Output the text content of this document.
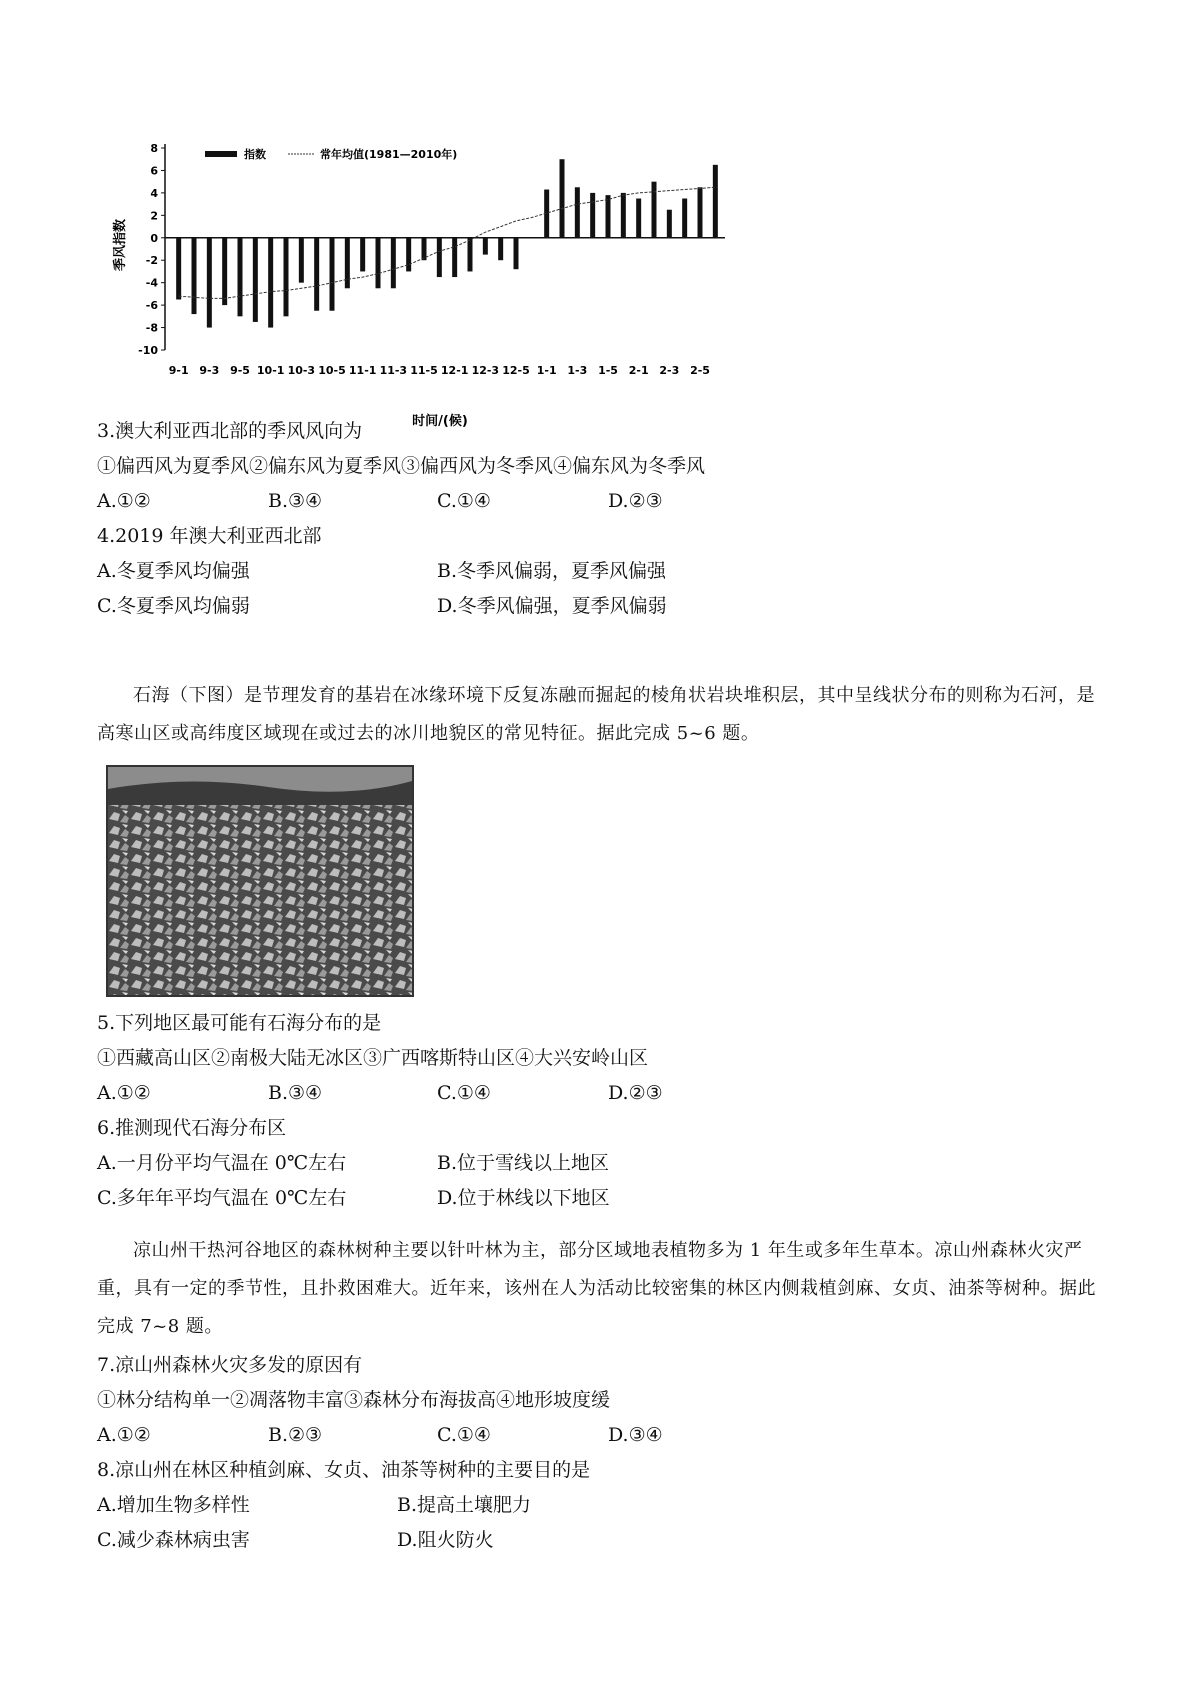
8
6
4
2
0
-2
-4
-6
-8
-10
9-1 9-3 9-5 10-1 10-3 10-5 11-1 11-3 11-5 12-1 12-3 12-5 1-1 1-3 1-5 2-1 2-3 2-5
季风指数
时间/(候)
指数	常年均值(1981—2010年)
3.澳大利亚西北部的季风风向为
①偏西风为夏季风②偏东风为夏季风③偏西风为冬季风④偏东风为冬季风
A.①②	B.③④	C.①④	D.②③
4.2019 年澳大利亚西北部
A.冬夏季风均偏强	B.冬季风偏弱，夏季风偏强
C.冬夏季风均偏弱	D.冬季风偏强，夏季风偏弱
石海（下图）是节理发育的基岩在冰缘环境下反复冻融而掘起的棱角状岩块堆积层，其中呈线状分布的则称为石河，是高寒山区或高纬度区域现在或过去的冰川地貌区的常见特征。据此完成 5~6 题。
5.下列地区最可能有石海分布的是
①西藏高山区②南极大陆无冰区③广西喀斯特山区④大兴安岭山区
A.①②	B.③④	C.①④	D.②③
6.推测现代石海分布区
A.一月份平均气温在 0℃左右	B.位于雪线以上地区
C.多年年平均气温在 0℃左右	D.位于林线以下地区
凉山州干热河谷地区的森林树种主要以针叶林为主，部分区域地表植物多为 1 年生或多年生草本。凉山州森林火灾严重，具有一定的季节性，且扑救困难大。近年来，该州在人为活动比较密集的林区内侧栽植剑麻、女贞、油茶等树种。据此完成 7~8 题。
7.凉山州森林火灾多发的原因有
①林分结构单一②凋落物丰富③森林分布海拔高④地形坡度缓
A.①②	B.②③	C.①④	D.③④
8.凉山州在林区种植剑麻、女贞、油茶等树种的主要目的是
A.增加生物多样性	B.提高土壤肥力
C.减少森林病虫害	D.阻火防火
